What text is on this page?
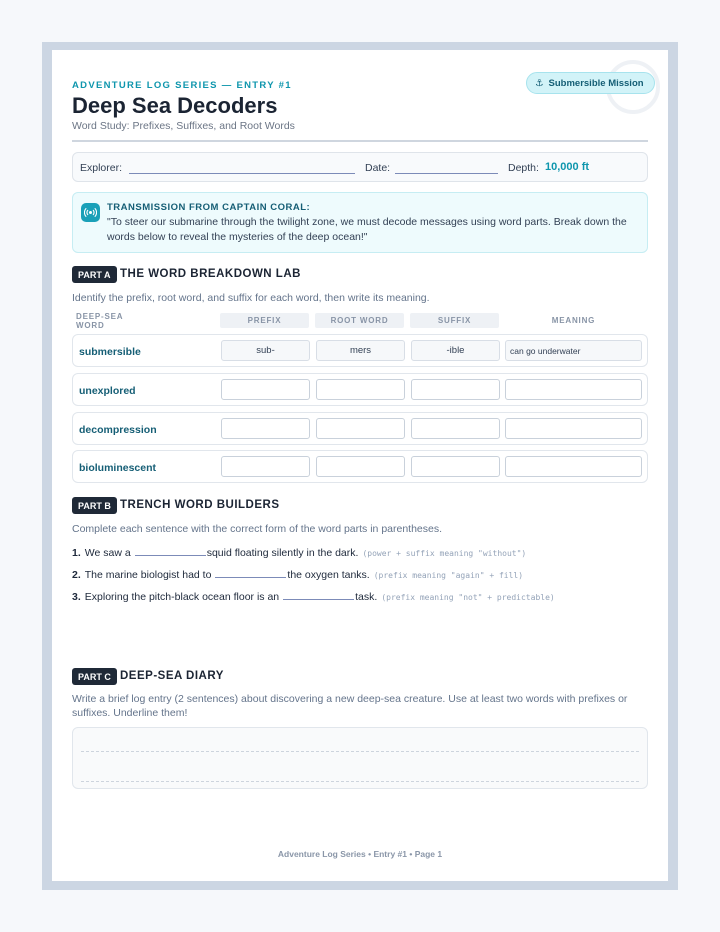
ADVENTURE LOG SERIES — ENTRY #1
Deep Sea Decoders
Word Study: Prefixes, Suffixes, and Root Words
⚓ Submersible Mission
Explorer:	Date:	Depth: 10,000 ft
TRANSMISSION FROM CAPTAIN CORAL:
"To steer our submarine through the twilight zone, we must decode messages using word parts. Break down the words below to reveal the mysteries of the deep ocean!"
PART A THE WORD BREAKDOWN LAB
Identify the prefix, root word, and suffix for each word, then write its meaning.
DEEP-SEA WORD	PREFIX	ROOT WORD	SUFFIX	MEANING
submersible	sub-	mers	-ible	can go underwater
unexplored
decompression
bioluminescent
PART B TRENCH WORD BUILDERS
Complete each sentence with the correct form of the word parts in parentheses.
1. We saw a	squid floating silently in the dark. (power + suffix meaning "without")
2. The marine biologist had to	the oxygen tanks. (prefix meaning "again" + fill)
3. Exploring the pitch-black ocean floor is an	task. (prefix meaning "not" + predictable)
PART C DEEP-SEA DIARY
Write a brief log entry (2 sentences) about discovering a new deep-sea creature. Use at least two words with prefixes or suffixes. Underline them!
Adventure Log Series • Entry #1 • Page 1
